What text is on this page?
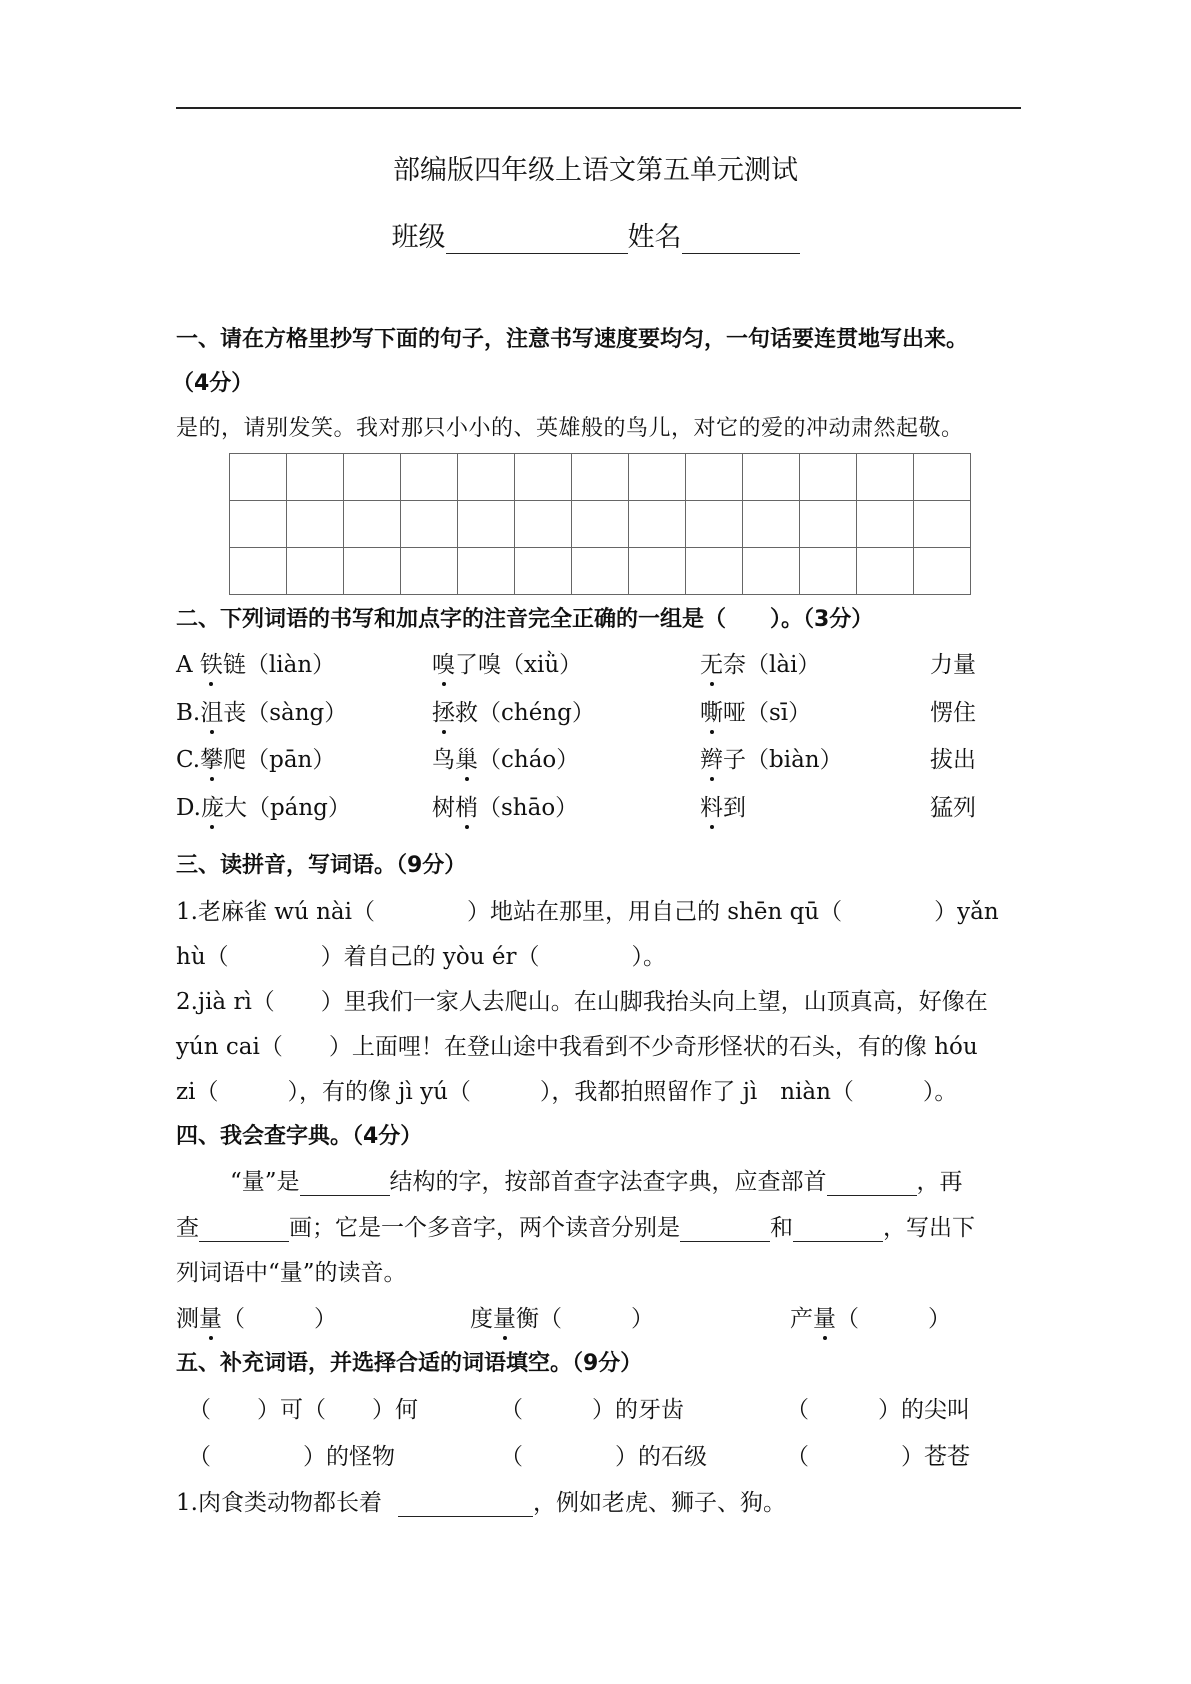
部编版四年级上语文第五单元测试
班级	姓名
一、请在方格里抄写下面的句子，注意书写速度要均匀，一句话要连贯地写出来。
（4分）
是的，请别发笑。我对那只小小的、英雄般的鸟儿，对它的爱的冲动肃然起敬。

二、下列词语的书写和加点字的注音完全正确的一组是（　　）。（3分）
A 铁链（liàn）	嗅了嗅（xiǜ）	无奈（lài）	力量
B.沮丧（sàng）	拯救（chéng）	嘶哑（sī）	愣住
C.攀爬（pān）	鸟巢（cháo）	辫子（biàn）	拔出
D.庞大（páng）	树梢（shāo）	料到	猛列
三、读拼音，写词语。（9分）
1.老麻雀 wú nài（　　　　）地站在那里，用自己的 shēn qū（　　　　）yǎn
hù（　　　　）着自己的 yòu ér（　　　　）。
2.jià rì（　　）里我们一家人去爬山。在山脚我抬头向上望，山顶真高，好像在
yún cai（　　）上面哩！在登山途中我看到不少奇形怪状的石头，有的像 hóu
zi（　　　），有的像 jì yú（　　　），我都拍照留作了 jì　niàn（　　　）。
四、我会查字典。（4分）
“量”是	结构的字，按部首查字法查字典，应查部首	，再
查	画；它是一个多音字，两个读音分别是	和	，写出下
列词语中“量”的读音。
测量（　　　）	度量衡（　　　）	产量（　　　）
五、补充词语，并选择合适的词语填空。（9分）
（　　）可（　　）何	（　　　）的牙齿	（　　　）的尖叫
（　　　　）的怪物	（　　　　）的石级	（　　　　）苍苍
1.肉食类动物都长着	，例如老虎、狮子、狗。
